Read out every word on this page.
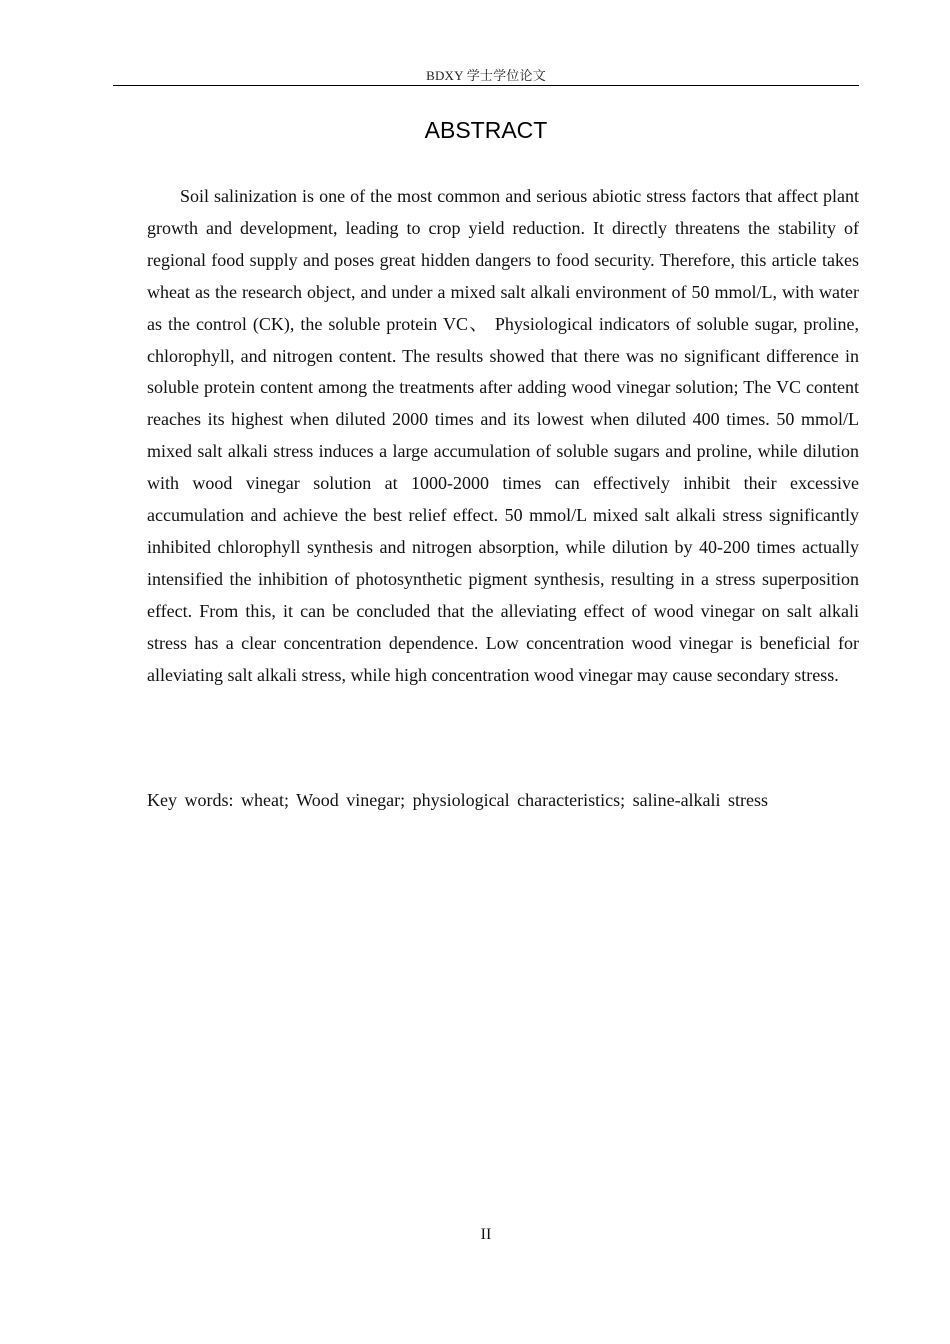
BDXY 学士学位论文
ABSTRACT

Soil salinization is one of the most common and serious abiotic stress factors that affect plant growth and development, leading to crop yield reduction. It directly threatens the stability of regional food supply and poses great hidden dangers to food security. Therefore, this article takes wheat as the research object, and under a mixed salt alkali environment of 50 mmol/L, with water as the control (CK), the soluble protein VC、 Physiological indicators of soluble sugar, proline, chlorophyll, and nitrogen content. The results showed that there was no significant difference in soluble protein content among the treatments after adding wood vinegar solution; The VC content reaches its highest when diluted 2000 times and its lowest when diluted 400 times. 50 mmol/L mixed salt alkali stress induces a large accumulation of soluble sugars and proline, while dilution with wood vinegar solution at 1000-2000 times can effectively inhibit their excessive accumulation and achieve the best relief effect. 50 mmol/L mixed salt alkali stress significantly inhibited chlorophyll synthesis and nitrogen absorption, while dilution by 40-200 times actually intensified the inhibition of photosynthetic pigment synthesis, resulting in a stress superposition effect. From this, it can be concluded that the alleviating effect of wood vinegar on salt alkali stress has a clear concentration dependence. Low concentration wood vinegar is beneficial for alleviating salt alkali stress, while high concentration wood vinegar may cause secondary stress.

Key words: wheat; Wood vinegar; physiological characteristics; saline-alkali stress

II
